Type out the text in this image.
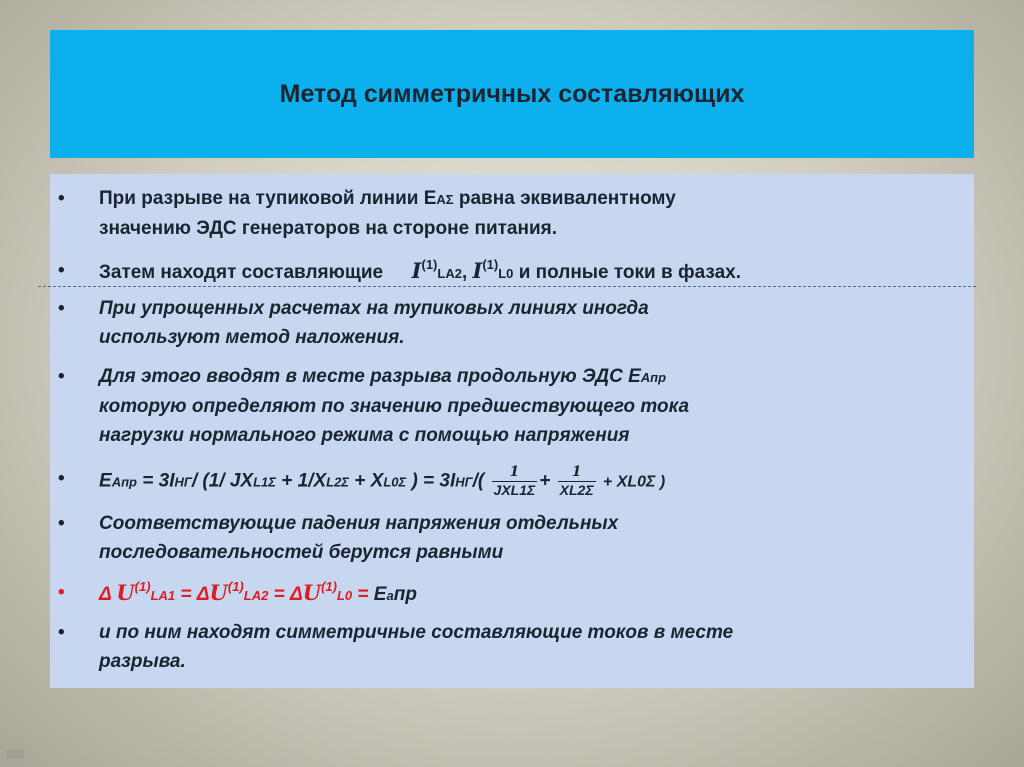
Метод симметричных составляющих
• При разрыве на тупиковой линии EAΣ равна эквивалентному
значению ЭДС генераторов на стороне питания.
• Затем находят составляющие $I^{(1)}LA2$, $I^{(1)}L0$ и полные токи в фазах.
• При упрощенных расчетах на тупиковых линиях иногда
используют метод наложения.
• Для этого вводят в месте разрыва продольную ЭДС EAпр
которую определяют по значению предшествующего тока
нагрузки нормального режима с помощью напряжения
• EAпр = 3IНГ/ (1/ JXL1Σ + 1/XL2Σ + XL0Σ ) = $3IНГ/( \frac{1}{\text{JXL1Σ}} + \frac{1}{XL2\Sigma} + XL0\Sigma$ )
• Соответствующие падения напряжения отдельных
последовательностей берутся равными
• Δ $U^{(1)}LA1 = \Delta U^{(1)}LA2 = \Delta U^{(1)}L0$ = Eaпр
• и по ним находят симметричные составляющие токов в месте
разрыва.
